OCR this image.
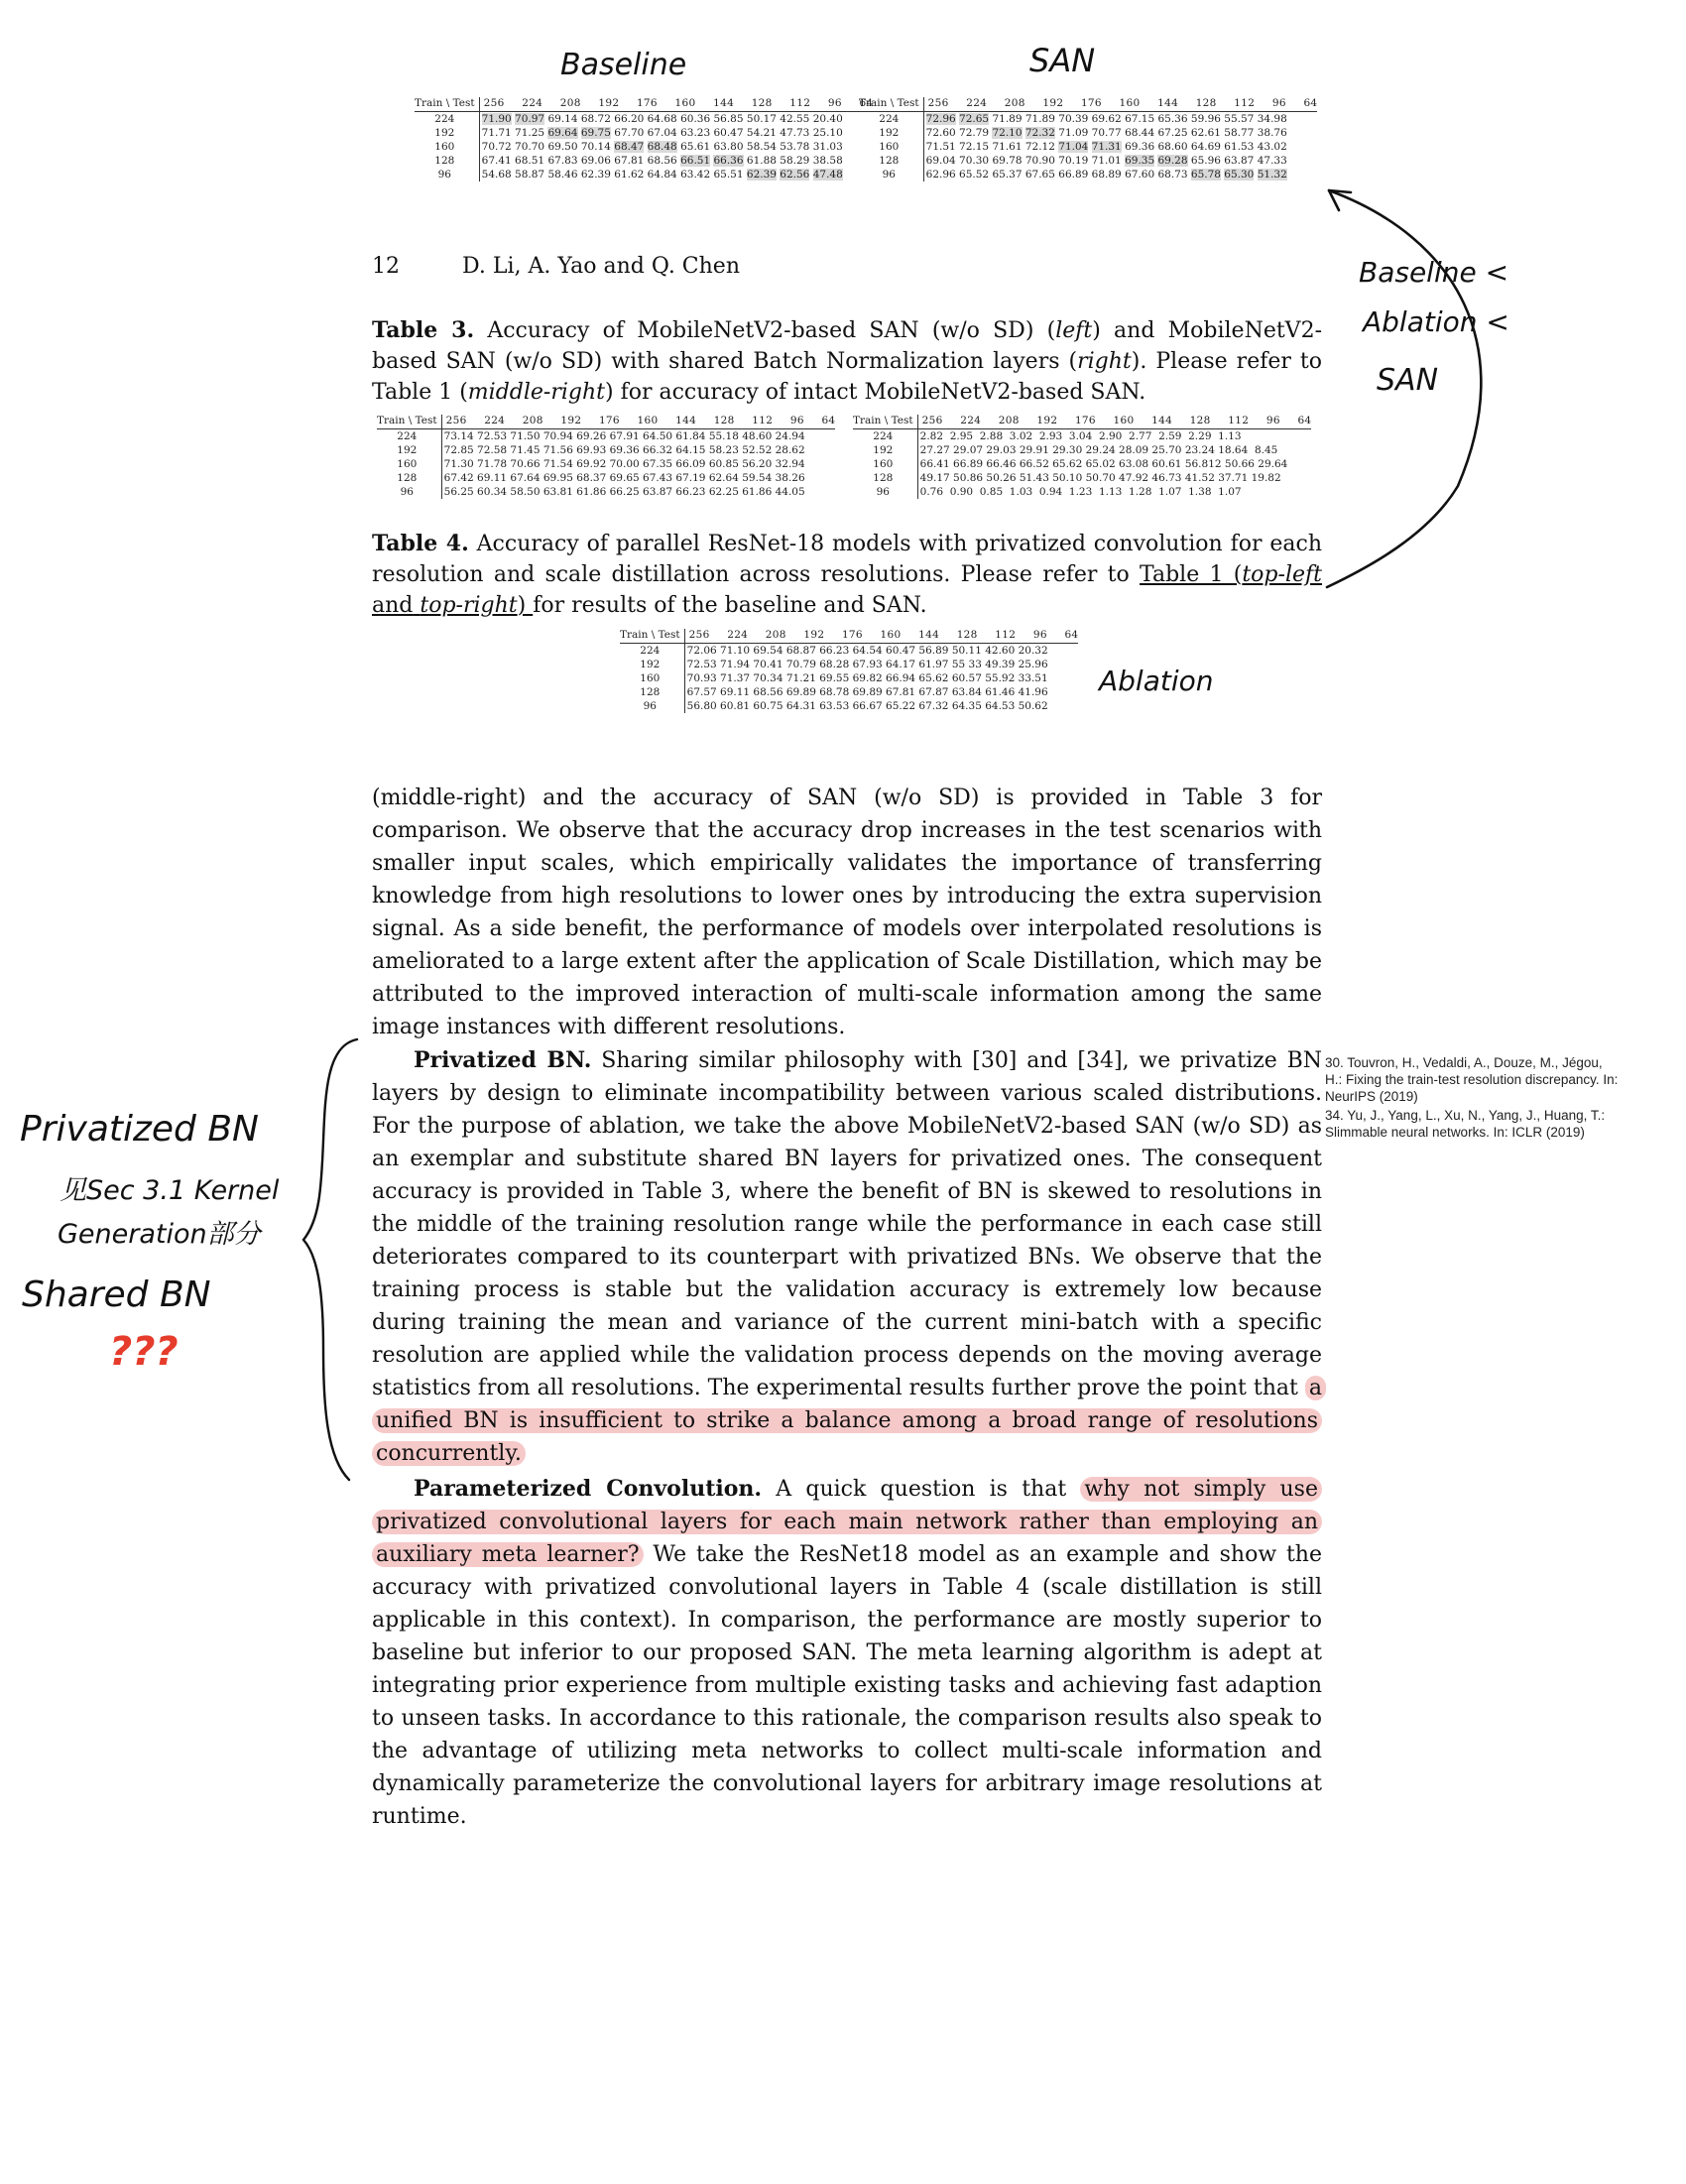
Baseline	SAN
Train \ Test	256 224 208 192 176 160 144 128 112 96 64
224	71.90 70.97 69.14 68.72 66.20 64.68 60.36 56.85 50.17 42.55 20.40
192	71.71 71.25 69.64 69.75 67.70 67.04 63.23 60.47 54.21 47.73 25.10
160	70.72 70.70 69.50 70.14 68.47 68.48 65.61 63.80 58.54 53.78 31.03
128	67.41 68.51 67.83 69.06 67.81 68.56 66.51 66.36 61.88 58.29 38.58
96	54.68 58.87 58.46 62.39 61.62 64.84 63.42 65.51 62.39 62.56 47.48
Train \ Test	256 224 208 192 176 160 144 128 112 96 64
224	72.96 72.65 71.89 71.89 70.39 69.62 67.15 65.36 59.96 55.57 34.98
192	72.60 72.79 72.10 72.32 71.09 70.77 68.44 67.25 62.61 58.77 38.76
160	71.51 72.15 71.61 72.12 71.04 71.31 69.36 68.60 64.69 61.53 43.02
128	69.04 70.30 69.78 70.90 70.19 71.01 69.35 69.28 65.96 63.87 47.33
96	62.96 65.52 65.37 67.65 66.89 68.89 67.60 68.73 65.78 65.30 51.32
12	D. Li, A. Yao and Q. Chen
Table 3. Accuracy of MobileNetV2-based SAN (w/o SD) (left) and MobileNetV2-based SAN (w/o SD) with shared Batch Normalization layers (right). Please refer to Table 1 (middle-right) for accuracy of intact MobileNetV2-based SAN.
Train \ Test	256 224 208 192 176 160 144 128 112 96 64
224	73.14 72.53 71.50 70.94 69.26 67.91 64.50 61.84 55.18 48.60 24.94
192	72.85 72.58 71.45 71.56 69.93 69.36 66.32 64.15 58.23 52.52 28.62
160	71.30 71.78 70.66 71.54 69.92 70.00 67.35 66.09 60.85 56.20 32.94
128	67.42 69.11 67.64 69.95 68.37 69.65 67.43 67.19 62.64 59.54 38.26
96	56.25 60.34 58.50 63.81 61.86 66.25 63.87 66.23 62.25 61.86 44.05
Train \ Test	256 224 208 192 176 160 144 128 112 96 64
224	2.82  2.95  2.88  3.02  2.93  3.04  2.90  2.77  2.59  2.29  1.13
192	27.27 29.07 29.03 29.91 29.30 29.24 28.09 25.70 23.24 18.64  8.45
160	66.41 66.89 66.46 66.52 65.62 65.02 63.08 60.61 56.812 50.66 29.64
128	49.17 50.86 50.26 51.43 50.10 50.70 47.92 46.73 41.52 37.71 19.82
96	0.76  0.90  0.85  1.03  0.94  1.23  1.13  1.28  1.07  1.38  1.07
Table 4. Accuracy of parallel ResNet-18 models with privatized convolution for each resolution and scale distillation across resolutions. Please refer to Table 1 (top-left and top-right) for results of the baseline and SAN.
Train \ Test	256 224 208 192 176 160 144 128 112 96 64
224	72.06 71.10 69.54 68.87 66.23 64.54 60.47 56.89 50.11 42.60 20.32
192	72.53 71.94 70.41 70.79 68.28 67.93 64.17 61.97 55 33 49.39 25.96
160	70.93 71.37 70.34 71.21 69.55 69.82 66.94 65.62 60.57 55.92 33.51
128	67.57 69.11 68.56 69.89 68.78 69.89 67.81 67.87 63.84 61.46 41.96
96	56.80 60.81 60.75 64.31 63.53 66.67 65.22 67.32 64.35 64.53 50.62
Ablation
Baseline <
Ablation <
SAN
(middle-right) and the accuracy of SAN (w/o SD) is provided in Table 3 for comparison. We observe that the accuracy drop increases in the test scenarios with smaller input scales, which empirically validates the importance of transferring knowledge from high resolutions to lower ones by introducing the extra supervision signal. As a side benefit, the performance of models over interpolated resolutions is ameliorated to a large extent after the application of Scale Distillation, which may be attributed to the improved interaction of multi-scale information among the same image instances with different resolutions.
Privatized BN. Sharing similar philosophy with [30] and [34], we privatize BN layers by design to eliminate incompatibility between various scaled distributions. For the purpose of ablation, we take the above MobileNetV2-based SAN (w/o SD) as an exemplar and substitute shared BN layers for privatized ones. The consequent accuracy is provided in Table 3, where the benefit of BN is skewed to resolutions in the middle of the training resolution range while the performance in each case still deteriorates compared to its counterpart with privatized BNs. We observe that the training process is stable but the validation accuracy is extremely low because during training the mean and variance of the current mini-batch with a specific resolution are applied while the validation process depends on the moving average statistics from all resolutions. The experimental results further prove the point that a unified BN is insufficient to strike a balance among a broad range of resolutions concurrently.
Parameterized Convolution. A quick question is that why not simply use privatized convolutional layers for each main network rather than employing an auxiliary meta learner? We take the ResNet18 model as an example and show the accuracy with privatized convolutional layers in Table 4 (scale distillation is still applicable in this context). In comparison, the performance are mostly superior to baseline but inferior to our proposed SAN. The meta learning algorithm is adept at integrating prior experience from multiple existing tasks and achieving fast adaption to unseen tasks. In accordance to this rationale, the comparison results also speak to the advantage of utilizing meta networks to collect multi-scale information and dynamically parameterize the convolutional layers for arbitrary image resolutions at runtime.
30. Touvron, H., Vedaldi, A., Douze, M., Jégou, H.: Fixing the train-test resolution discrepancy. In: NeurIPS (2019)
34. Yu, J., Yang, L., Xu, N., Yang, J., Huang, T.: Slimmable neural networks. In: ICLR (2019)
Privatized BN
见Sec 3.1 Kernel
Generation部分
Shared BN
???
